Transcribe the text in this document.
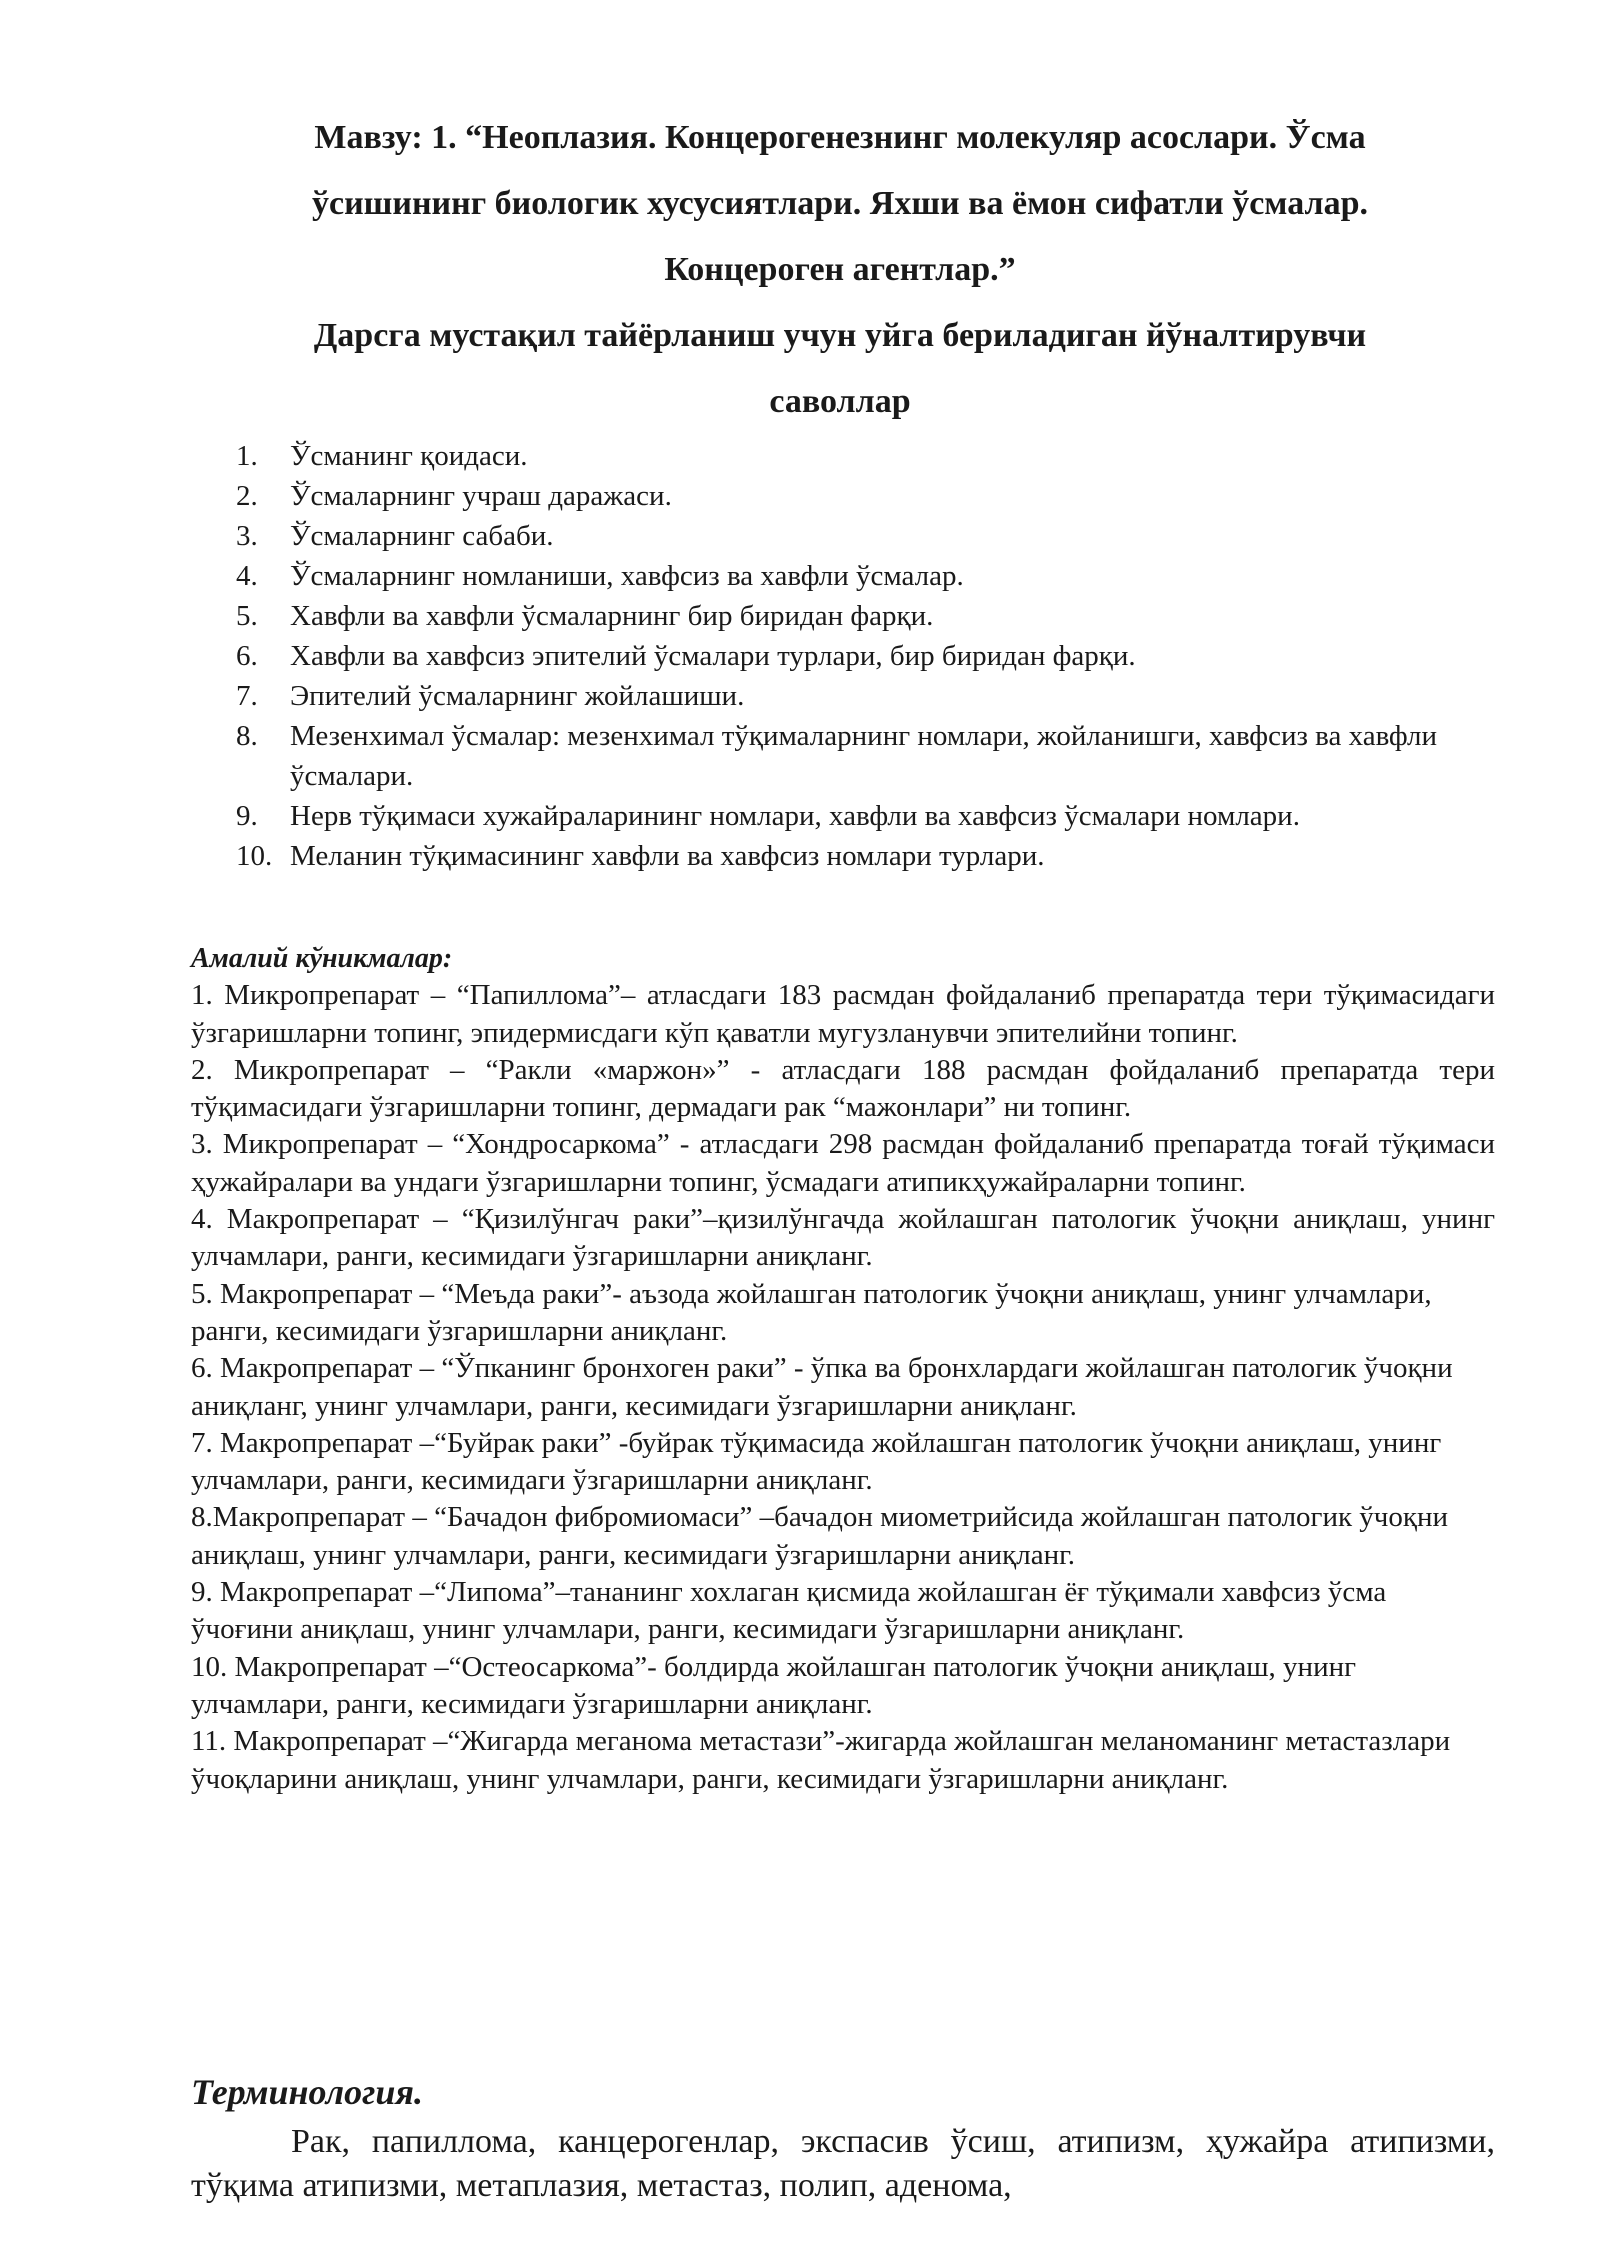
Мавзу: 1. “Неоплазия. Концерогенезнинг молекуляр асослари. Ўсма

ўсишининг биологик хусусиятлари. Яхши ва ёмон сифатли ўсмалар.

Концероген агентлар.”

Дарсга мустақил тайёрланиш учун уйга бериладиган йўналтирувчи

саволлар

1.	Ўсманинг қоидаси.
2.	Ўсмаларнинг учраш даражаси.
3.	Ўсмаларнинг сабаби.
4.	Ўсмаларнинг номланиши, хавфсиз ва хавфли ўсмалар.
5.	Хавфли ва хавфли ўсмаларнинг бир биридан фарқи.
6.	Хавфли ва хавфсиз эпителий ўсмалари турлари, бир биридан фарқи.
7.	Эпителий ўсмаларнинг жойлашиши.
8.	Мезенхимал ўсмалар: мезенхимал тўқималарнинг номлари, жойланишги, хавфсиз ва хавфли ўсмалари.
9.	Нерв тўқимаси хужайраларининг номлари, хавфли ва хавфсиз ўсмалари номлари.
10. Меланин тўқимасининг хавфли ва хавфсиз номлари турлари.
Амалий кўникмалар:
1. Микропрепарат – “Папиллома”– атласдаги 183 расмдан фойдаланиб препаратда тери тўқимасидаги ўзгаришларни топинг, эпидермисдаги кўп қаватли мугузланувчи эпителийни топинг.
2. Микропрепарат – “Ракли «маржон»” - атласдаги 188 расмдан фойдаланиб препаратда тери тўқимасидаги ўзгаришларни топинг, дермадаги рак “мажонлари” ни топинг.
3. Микропрепарат – “Хондросаркома” - атласдаги 298 расмдан фойдаланиб препаратда тоғай тўқимаси ҳужайралари ва ундаги ўзгаришларни топинг, ўсмадаги атипикҳужайраларни топинг.
4. Макропрепарат – “Қизилўнгач раки”–қизилўнгачда жойлашган патологик ўчоқни аниқлаш, унинг улчамлари, ранги, кесимидаги ўзгаришларни аниқланг.
5. Макропрепарат – “Меъда раки”- аъзода жойлашган патологик ўчоқни аниқлаш, унинг улчамлари, ранги, кесимидаги ўзгаришларни аниқланг.
6. Макропрепарат – “Ўпканинг бронхоген раки” - ўпка ва бронхлардаги жойлашган патологик ўчоқни аниқланг, унинг улчамлари, ранги, кесимидаги ўзгаришларни аниқланг.
7. Макропрепарат –“Буйрак раки” -буйрак тўқимасида жойлашган патологик ўчоқни аниқлаш, унинг улчамлари, ранги, кесимидаги ўзгаришларни аниқланг.
8.Макропрепарат – “Бачадон фибромиомаси” –бачадон миометрийсида жойлашган патологик ўчоқни аниқлаш, унинг улчамлари, ранги, кесимидаги ўзгаришларни аниқланг.
9. Макропрепарат –“Липома”–тананинг хохлаган қисмида жойлашган ёғ тўқимали хавфсиз ўсма ўчоғини аниқлаш, унинг улчамлари, ранги, кесимидаги ўзгаришларни аниқланг.
10. Макропрепарат –“Остеосаркома”- болдирда жойлашган патологик ўчоқни аниқлаш, унинг улчамлари, ранги, кесимидаги ўзгаришларни аниқланг.
11. Макропрепарат –“Жигарда меганома метастази”-жигарда жойлашган меланоманинг метастазлари ўчоқларини аниқлаш, унинг улчамлари, ранги, кесимидаги ўзгаришларни аниқланг.
Терминология.
Рак, папиллома, канцерогенлар, экспасив ўсиш, атипизм, ҳужайра атипизми, тўқима атипизми, метаплазия, метастаз, полип, аденома,
